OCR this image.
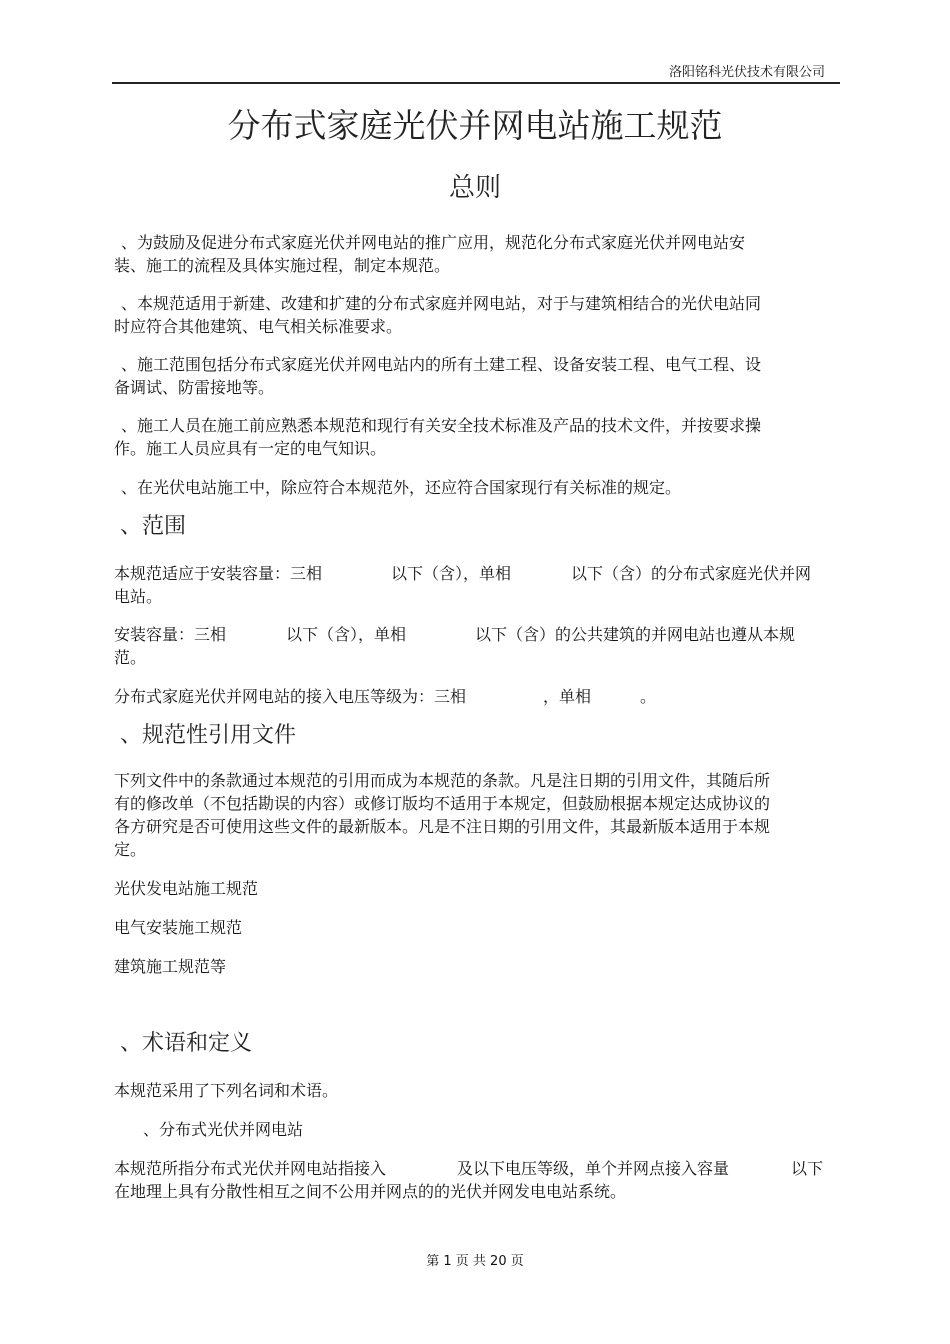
洛阳铭科光伏技术有限公司
分布式家庭光伏并网电站施工规范
总则
、为鼓励及促进分布式家庭光伏并网电站的推广应用，规范化分布式家庭光伏并网电站安
装、施工的流程及具体实施过程，制定本规范。
、本规范适用于新建、改建和扩建的分布式家庭并网电站，对于与建筑相结合的光伏电站同
时应符合其他建筑、电气相关标准要求。
、施工范围包括分布式家庭光伏并网电站内的所有土建工程、设备安装工程、电气工程、设
备调试、防雷接地等。
、施工人员在施工前应熟悉本规范和现行有关安全技术标准及产品的技术文件，并按要求操
作。施工人员应具有一定的电气知识。
、在光伏电站施工中，除应符合本规范外，还应符合国家现行有关标准的规定。
、范围
本规范适应于安装容量：三相	以下（含），单相	以下（含）的分布式家庭光伏并网
电站。
安装容量：三相	以下（含），单相	以下（含）的公共建筑的并网电站也遵从本规
范。
分布式家庭光伏并网电站的接入电压等级为：三相	，单相	。
、规范性引用文件
下列文件中的条款通过本规范的引用而成为本规范的条款。凡是注日期的引用文件，其随后所
有的修改单（不包括勘误的内容）或修订版均不适用于本规定，但鼓励根据本规定达成协议的
各方研究是否可使用这些文件的最新版本。凡是不注日期的引用文件，其最新版本适用于本规
定。
光伏发电站施工规范
电气安装施工规范
建筑施工规范等
、术语和定义
本规范采用了下列名词和术语。
、分布式光伏并网电站
本规范所指分布式光伏并网电站指接入	及以下电压等级，单个并网点接入容量	以下
在地理上具有分散性相互之间不公用并网点的的光伏并网发电电站系统。
第 1 页 共 20 页
